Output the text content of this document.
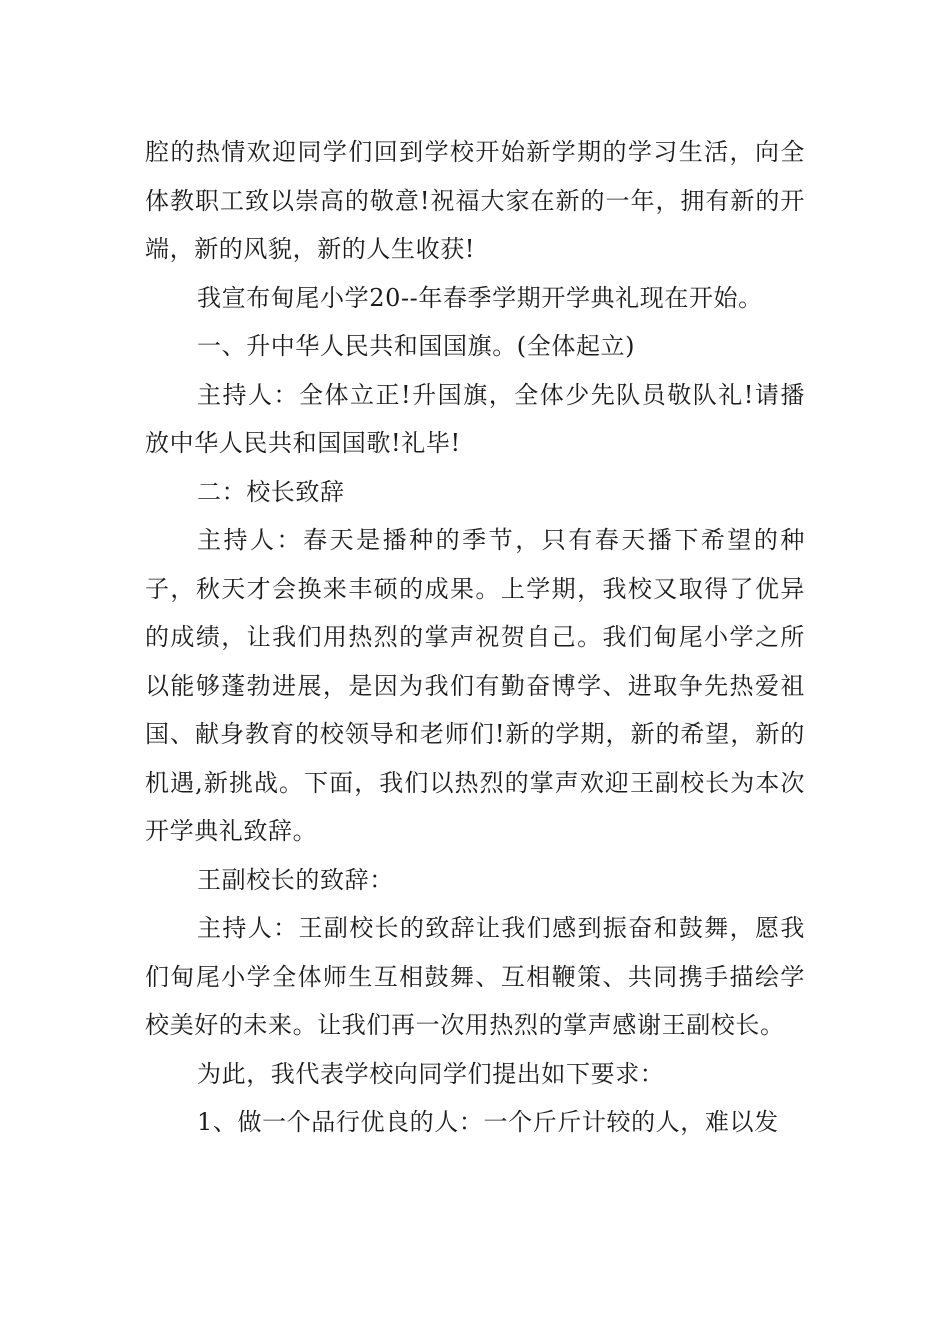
腔的热情欢迎同学们回到学校开始新学期的学习生活，向全体教职工致以崇高的敬意!祝福大家在新的一年，拥有新的开端，新的风貌，新的人生收获!

我宣布甸尾小学20--年春季学期开学典礼现在开始。

一、升中华人民共和国国旗。(全体起立)

主持人：全体立正!升国旗，全体少先队员敬队礼!请播放中华人民共和国国歌!礼毕!

二：校长致辞

主持人：春天是播种的季节，只有春天播下希望的种子，秋天才会换来丰硕的成果。上学期，我校又取得了优异的成绩，让我们用热烈的掌声祝贺自己。我们甸尾小学之所以能够蓬勃进展，是因为我们有勤奋博学、进取争先热爱祖国、献身教育的校领导和老师们!新的学期，新的希望，新的机遇,新挑战。下面，我们以热烈的掌声欢迎王副校长为本次开学典礼致辞。

王副校长的致辞：

主持人：王副校长的致辞让我们感到振奋和鼓舞，愿我们甸尾小学全体师生互相鼓舞、互相鞭策、共同携手描绘学校美好的未来。让我们再一次用热烈的掌声感谢王副校长。

为此，我代表学校向同学们提出如下要求：

1、做一个品行优良的人：一个斤斤计较的人，难以发
